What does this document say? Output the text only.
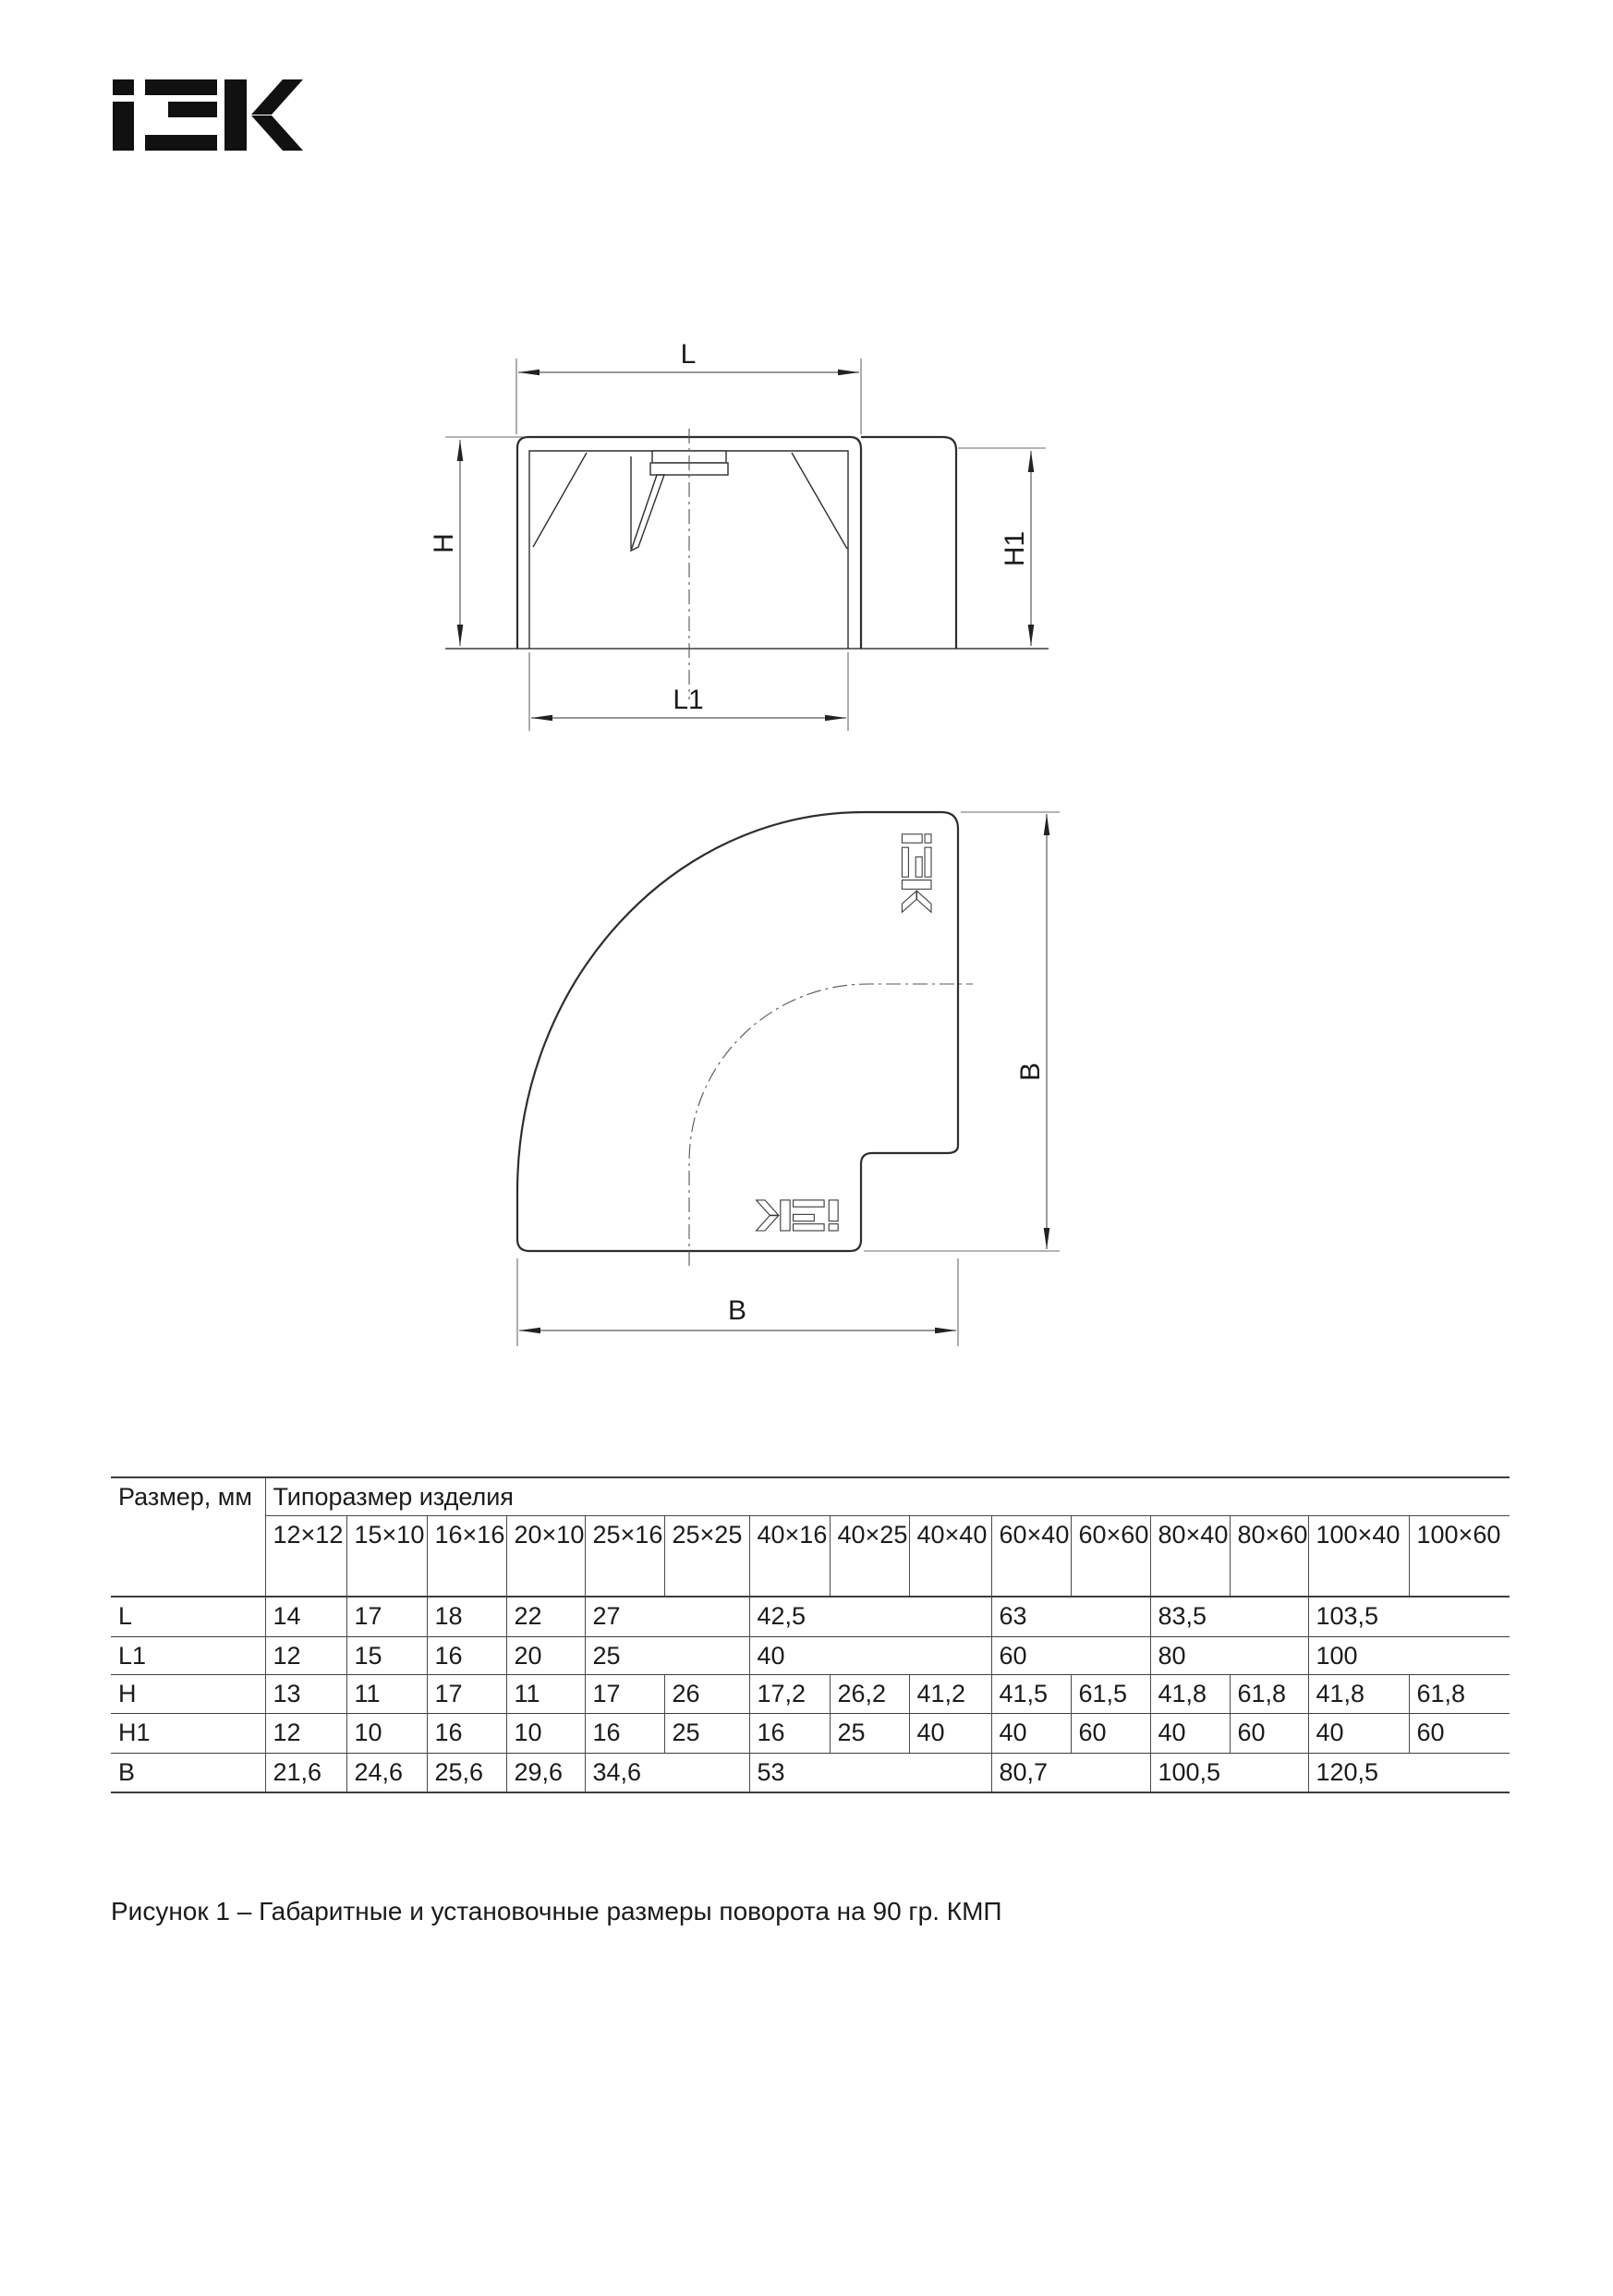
L
L1
H	H1
B
B
Размер, мм	Типоразмер изделия														
	12×12	15×10	16×16	20×10	25×16	25×25	40×16	40×25	40×40	60×40	60×60	80×40	80×60	100×40	100×60
L	14	17	18	22	27		42,5			63		83,5		103,5	
L1	12	15	16	20	25		40			60		80		100	
H	13	11	17	11	17	26	17,2	26,2	41,2	41,5	61,5	41,8	61,8	41,8	61,8
H1	12	10	16	10	16	25	16	25	40	40	60	40	60	40	60
B	21,6	24,6	25,6	29,6	34,6		53			80,7		100,5		120,5	
Рисунок 1 – Габаритные и установочные размеры поворота на 90 гр. КМП
